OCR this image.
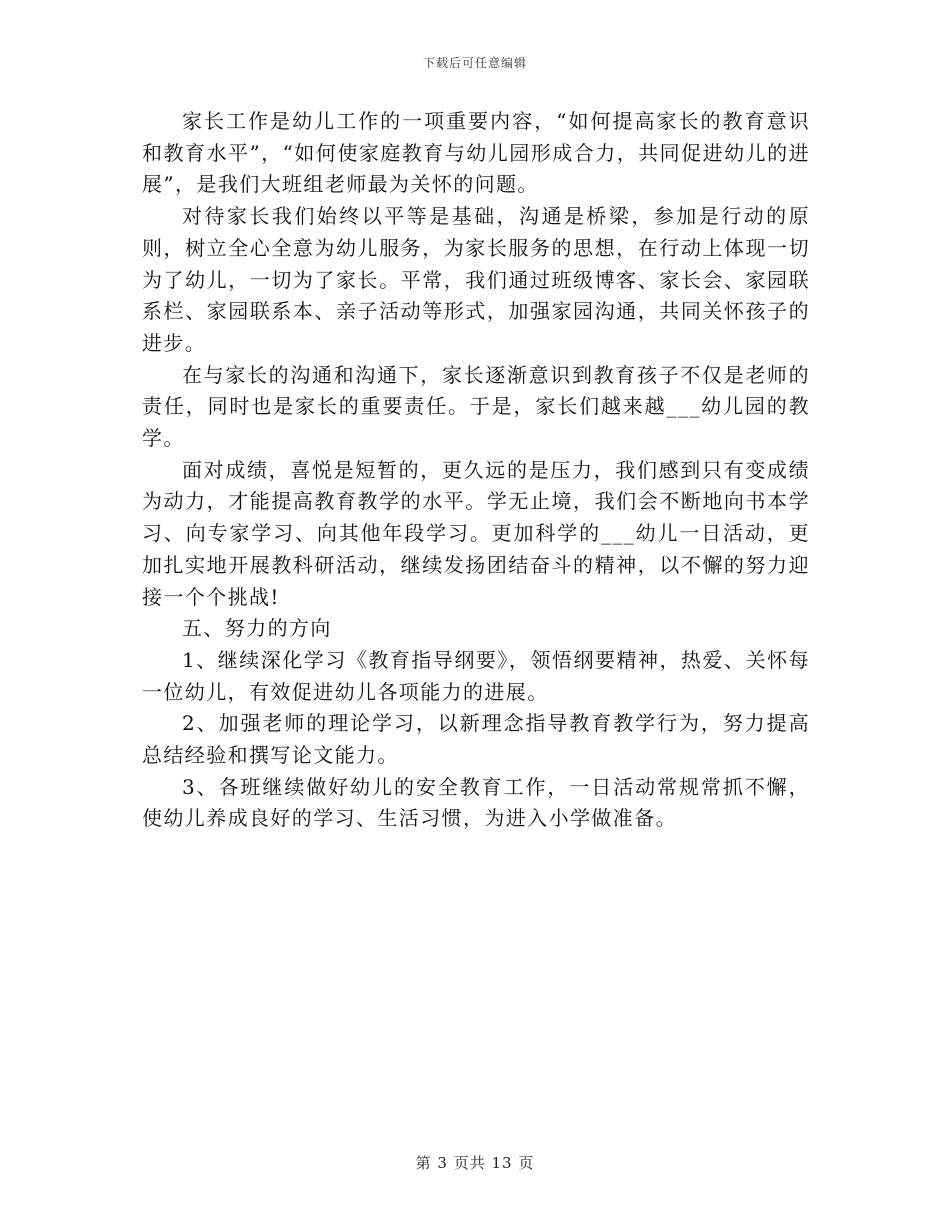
下载后可任意编辑

家长工作是幼儿工作的一项重要内容，“如何提高家长的教育意识和教育水平”，“如何使家庭教育与幼儿园形成合力，共同促进幼儿的进展”，是我们大班组老师最为关怀的问题。

对待家长我们始终以平等是基础，沟通是桥梁，参加是行动的原则，树立全心全意为幼儿服务，为家长服务的思想，在行动上体现一切为了幼儿，一切为了家长。平常，我们通过班级博客、家长会、家园联系栏、家园联系本、亲子活动等形式，加强家园沟通，共同关怀孩子的进步。

在与家长的沟通和沟通下，家长逐渐意识到教育孩子不仅是老师的责任，同时也是家长的重要责任。于是，家长们越来越___幼儿园的教学。

面对成绩，喜悦是短暂的，更久远的是压力，我们感到只有变成绩为动力，才能提高教育教学的水平。学无止境，我们会不断地向书本学习、向专家学习、向其他年段学习。更加科学的___幼儿一日活动，更加扎实地开展教科研活动，继续发扬团结奋斗的精神，以不懈的努力迎接一个个挑战!

五、努力的方向

1、继续深化学习《教育指导纲要》，领悟纲要精神，热爱、关怀每一位幼儿，有效促进幼儿各项能力的进展。

2、加强老师的理论学习，以新理念指导教育教学行为，努力提高总结经验和撰写论文能力。

3、各班继续做好幼儿的安全教育工作，一日活动常规常抓不懈，使幼儿养成良好的学习、生活习惯，为进入小学做准备。

第 3 页共 13 页
